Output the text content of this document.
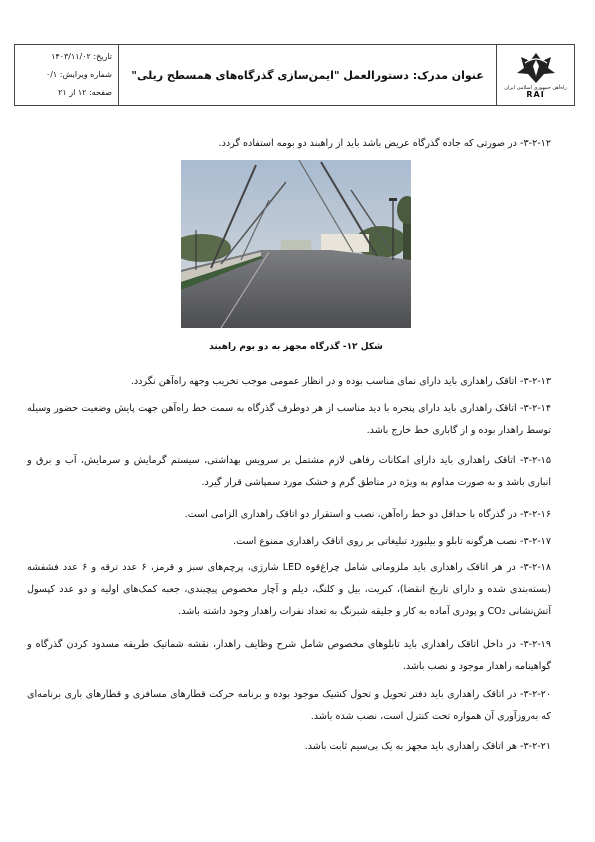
راه‌آهن جمهوری اسلامی ایران
RAI
عنوان مدرک: دستورالعمل "ایمن‌سازی گذرگاه‌های همسطح ریلی"
تاریخ: ۱۴۰۳/۱۱/۰۲
شماره ویرایش: ۰/۱
صفحه: ۱۲ از ۲۱
۳-۲-۱۲- در صورتی که جاده گذرگاه عریض باشد باید از راهبند دو بومه استفاده گردد.
شکل ۱۲- گذرگاه مجهز به دو بوم راهبند
۳-۲-۱۳- اتاقک راهداری باید دارای نمای مناسب بوده و در انظار عمومی موجب تخریب وجهه راه‌آهن نگردد.
۳-۲-۱۴- اتاقک راهداری باید دارای پنجره با دید مناسب از هر دوطرف گذرگاه به سمت خط راه‌آهن جهت پایش وضعیت حضور وسیله توسط راهدار بوده و از گاباری خط خارج باشد.
۳-۲-۱۵- اتاقک راهداری باید دارای امکانات رفاهی لازم مشتمل بر سرویس بهداشتی، سیستم گرمایش و سرمایش، آب و برق و انباری باشد و به صورت مداوم به ویژه در مناطق گرم و خشک مورد سمپاشی قرار گیرد.
۳-۲-۱۶- در گذرگاه با حداقل دو خط راه‌آهن، نصب و استقرار دو اتاقک راهداری الزامی است.
۳-۲-۱۷- نصب هرگونه تابلو و بیلبورد تبلیغاتی بر روی اتاقک راهداری ممنوع است.
۳-۲-۱۸- در هر اتاقک راهداری باید ملزوماتی شامل چراغ‌قوه LED شارژی، پرچم‌های سبز و قرمز، ۶ عدد ترقه و ۶ عدد فشفشه (بسته‌بندی شده و دارای تاریخ انقضا)، کبریت، بیل و کلنگ، دیلم و آچار مخصوص پیچبندی، جعبه کمک‌های اولیه و دو عدد کپسول آتش‌نشانی CO₂ و پودری آماده به کار و جلیقه شبرنگ به تعداد نفرات راهدار وجود داشته باشد.
۳-۲-۱۹- در داخل اتاقک راهداری باید تابلوهای مخصوص شامل شرح وظایف راهدار، نقشه شماتیک طریقه مسدود کردن گذرگاه و گواهینامه راهدار موجود و نصب باشد.
۳-۲-۲۰- در اتاقک راهداری باید دفتر تحویل و تحول کشیک موجود بوده و برنامه حرکت قطارهای مسافری و قطارهای باری برنامه‌ای که به‌روزآوری آن همواره تحت کنترل است، نصب شده باشد.
۳-۲-۲۱- هر اتاقک راهداری باید مجهز به یک بی‌سیم ثابت باشد.
